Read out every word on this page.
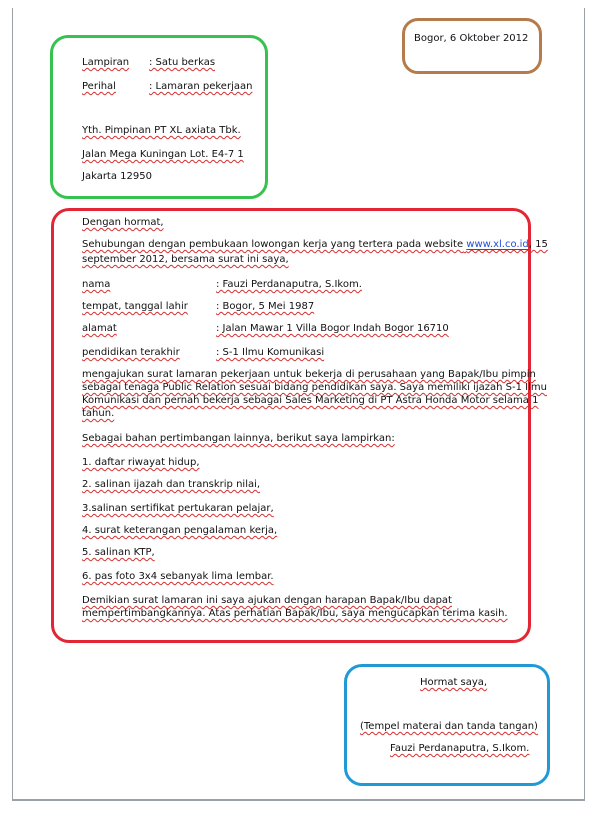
Bogor, 6 Oktober 2012
Lampiran : Satu berkas
Perihal	: Lamaran pekerjaan
Yth. Pimpinan PT XL axiata Tbk.
Jalan Mega Kuningan Lot. E4-7 1
Jakarta 12950
Dengan hormat,
Sehubungan dengan pembukaan lowongan kerja yang tertera pada website www.xl.co.id, 15
september 2012, bersama surat ini saya,
nama	: Fauzi Perdanaputra, S.Ikom.
tempat, tanggal lahir	: Bogor, 5 Mei 1987
alamat	: Jalan Mawar 1 Villa Bogor Indah Bogor 16710
pendidikan terakhir	: S-1 Ilmu Komunikasi
mengajukan surat lamaran pekerjaan untuk bekerja di perusahaan yang Bapak/Ibu pimpin
sebagai tenaga Public Relation sesuai bidang pendidikan saya. Saya memiliki ijazah S-1 Ilmu
Komunikasi dan pernah bekerja sebagai Sales Marketing di PT Astra Honda Motor selama 1
tahun.
Sebagai bahan pertimbangan lainnya, berikut saya lampirkan:
1. daftar riwayat hidup,
2. salinan ijazah dan transkrip nilai,
3.salinan sertifikat pertukaran pelajar,
4. surat keterangan pengalaman kerja,
5. salinan KTP,
6. pas foto 3x4 sebanyak lima lembar.
Demikian surat lamaran ini saya ajukan dengan harapan Bapak/Ibu dapat
mempertimbangkannya. Atas perhatian Bapak/Ibu, saya mengucapkan terima kasih.
Hormat saya,
(Tempel materai dan tanda tangan)
Fauzi Perdanaputra, S.Ikom.
